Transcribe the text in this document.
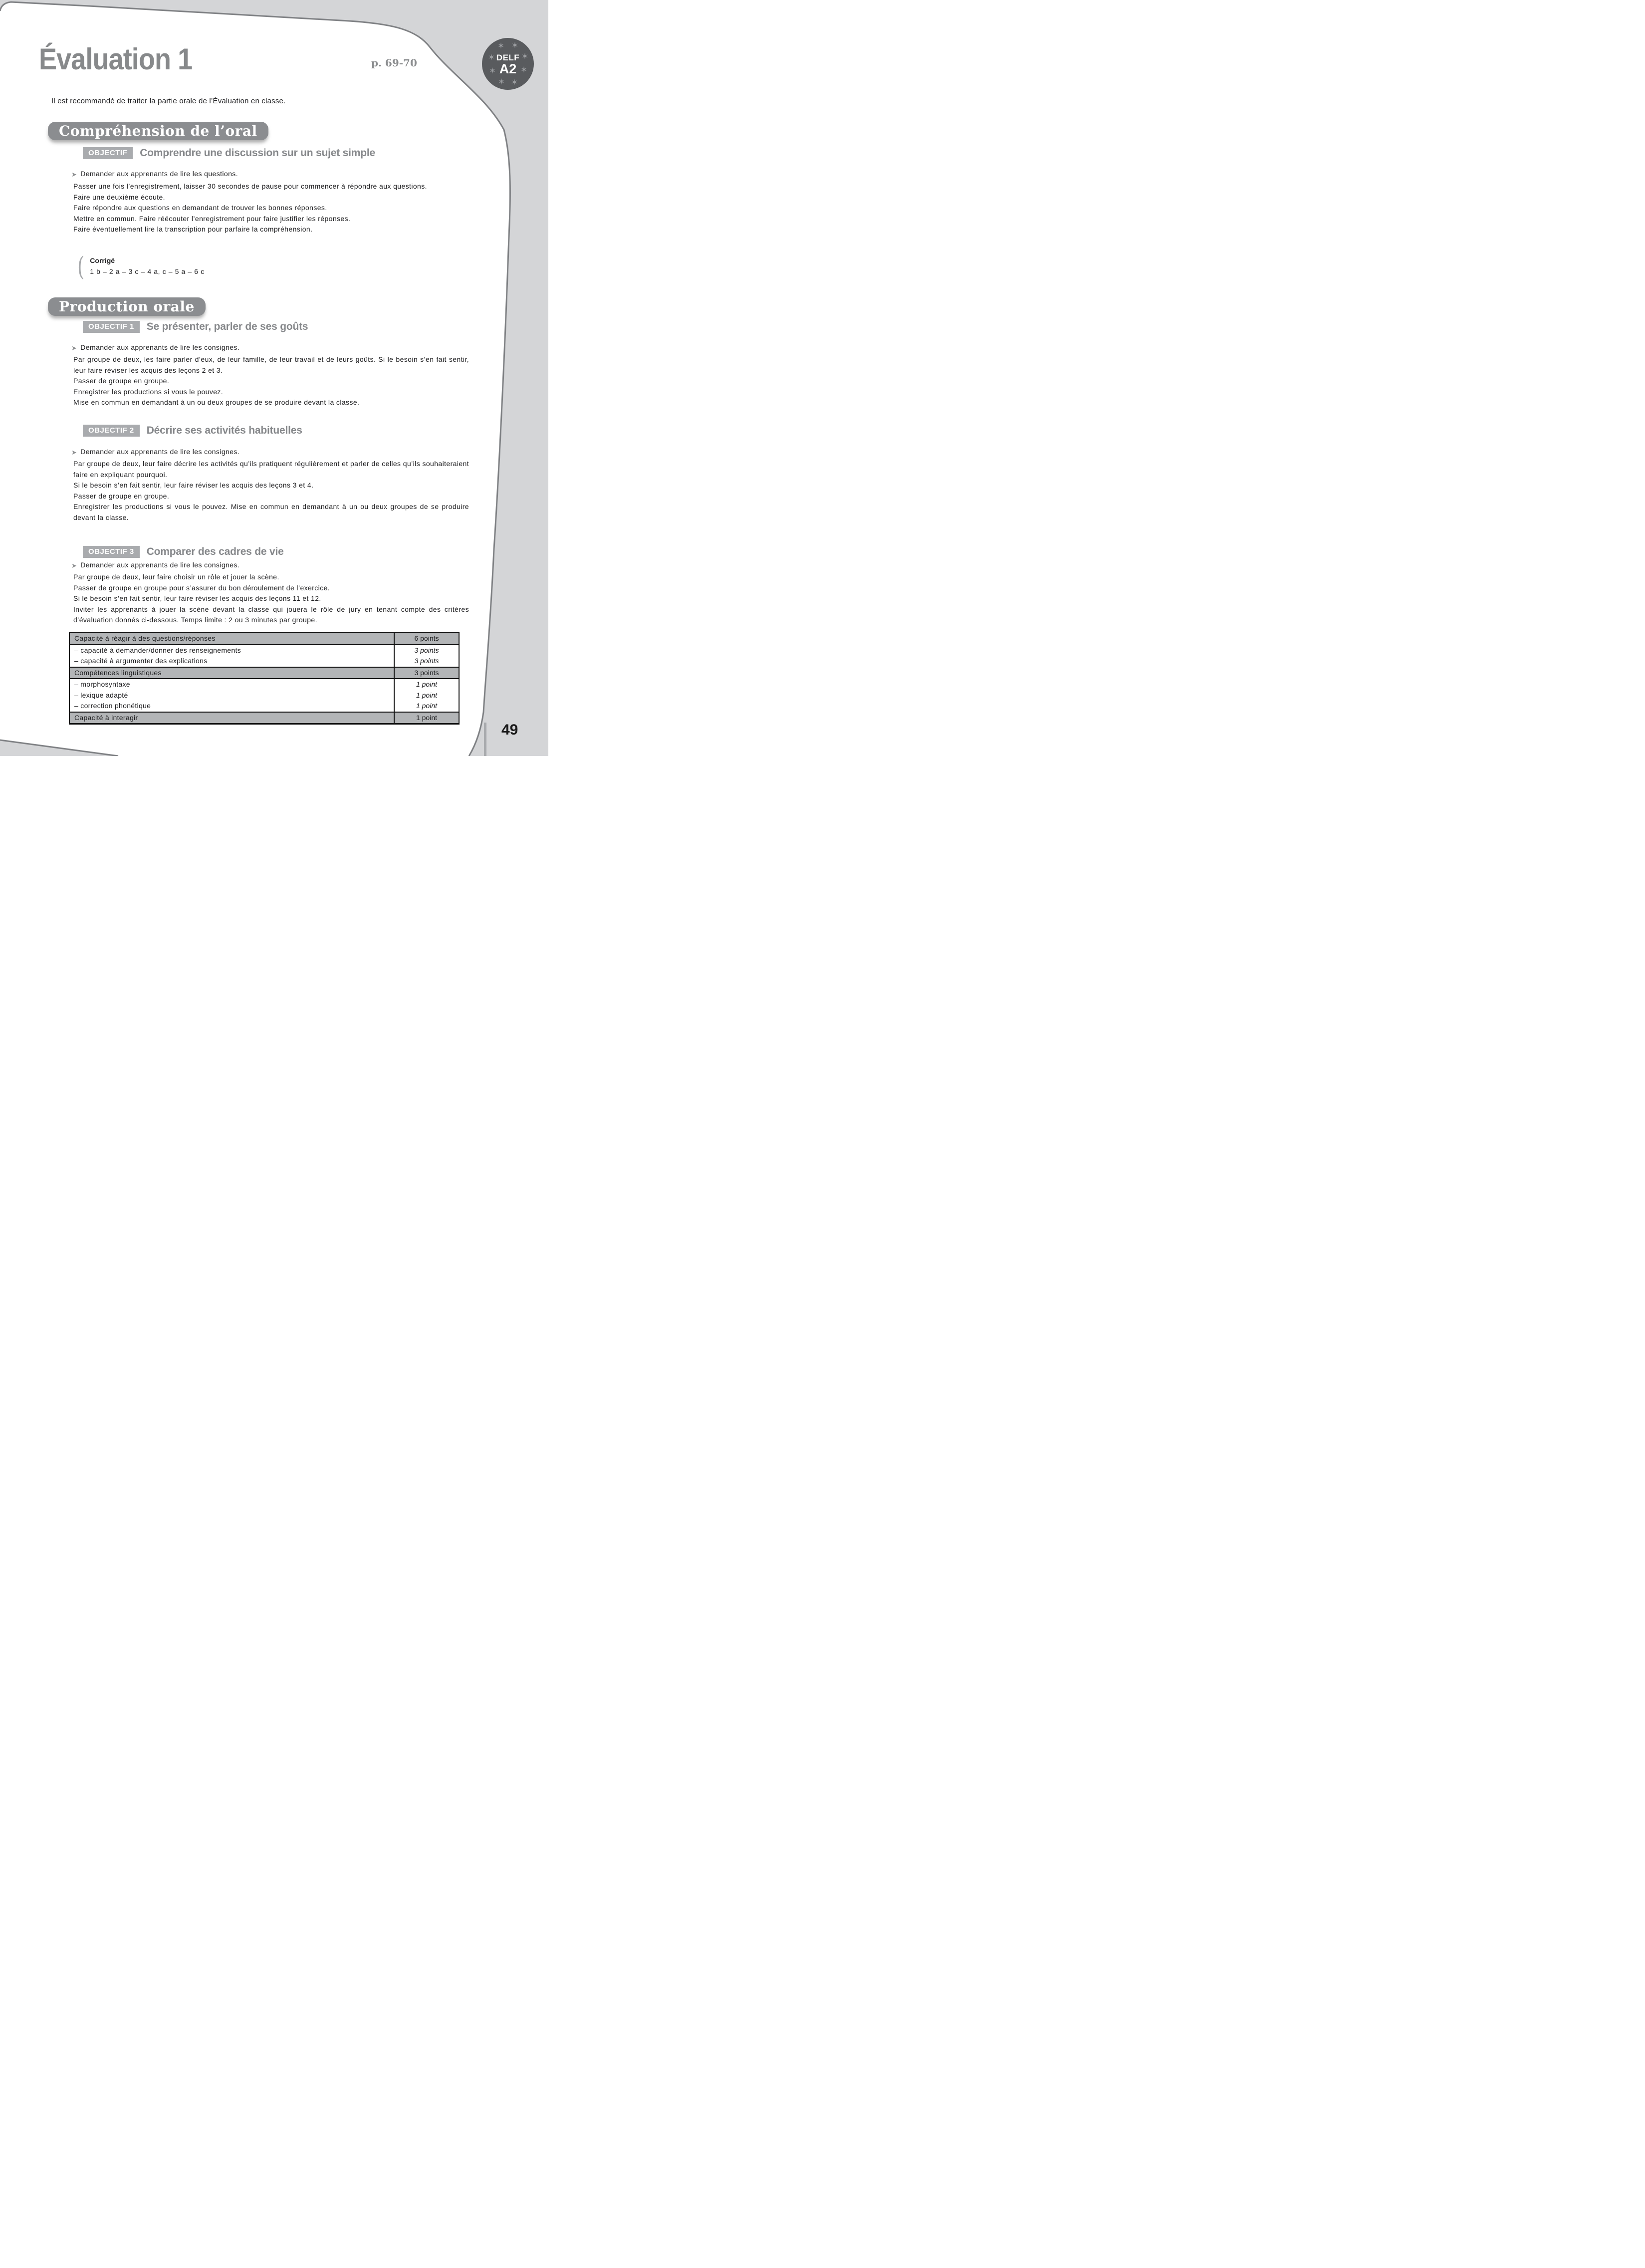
Évaluation 1	p. 69-70
✶ ✶
✶	✶
✶	✶
✶ ✶
DELF
A2
Il est recommandé de traiter la partie orale de l’Évaluation en classe.
Compréhension de l’oral
OBJECTIF	Comprendre une discussion sur un sujet simple
➤ Demander aux apprenants de lire les questions.

Passer une fois l’enregistrement, laisser 30 secondes de pause pour commencer à répondre aux questions.

Faire une deuxième écoute.

Faire répondre aux questions en demandant de trouver les bonnes réponses.

Mettre en commun. Faire réécouter l’enregistrement pour faire justifier les réponses.

Faire éventuellement lire la transcription pour parfaire la compréhension.

( Corrigé
1 b – 2 a – 3 c – 4 a, c – 5 a – 6 c
Production orale
OBJECTIF 1	Se présenter, parler de ses goûts
➤ Demander aux apprenants de lire les consignes.

Par groupe de deux, les faire parler d’eux, de leur famille, de leur travail et de leurs goûts. Si le besoin s’en fait sentir, leur faire réviser les acquis des leçons 2 et 3.

Passer de groupe en groupe.

Enregistrer les productions si vous le pouvez.

Mise en commun en demandant à un ou deux groupes de se produire devant la classe.

OBJECTIF 2	Décrire ses activités habituelles
➤ Demander aux apprenants de lire les consignes.

Par groupe de deux, leur faire décrire les activités qu’ils pratiquent régulièrement et parler de celles qu’ils souhaiteraient faire en expliquant pourquoi.

Si le besoin s’en fait sentir, leur faire réviser les acquis des leçons 3 et 4.

Passer de groupe en groupe.

Enregistrer les productions si vous le pouvez. Mise en commun en demandant à un ou deux groupes de se produire devant la classe.

OBJECTIF 3	Comparer des cadres de vie
➤ Demander aux apprenants de lire les consignes.

Par groupe de deux, leur faire choisir un rôle et jouer la scène.

Passer de groupe en groupe pour s’assurer du bon déroulement de l’exercice.

Si le besoin s’en fait sentir, leur faire réviser les acquis des leçons 11 et 12.

Inviter les apprenants à jouer la scène devant la classe qui jouera le rôle de jury en tenant compte des critères d’évaluation donnés ci-dessous. Temps limite : 2 ou 3 minutes par groupe.

Capacité à réagir à des questions/réponses	6 points
– capacité à demander/donner des renseignements	3 points
– capacité à argumenter des explications	3 points
Compétences linguistiques	3 points
– morphosyntaxe	1 point
– lexique adapté	1 point
– correction phonétique	1 point
Capacité à interagir	1 point
49
